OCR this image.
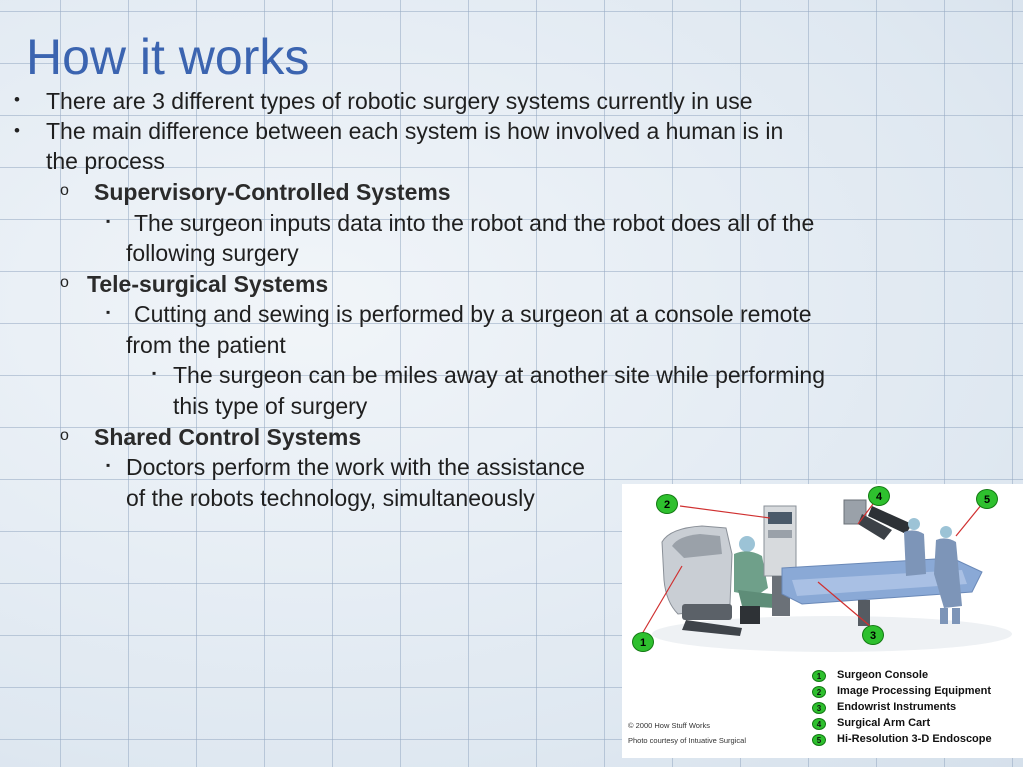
How it works
• There are 3 different types of robotic surgery systems currently in use
• The main difference between each system is how involved a human is in
the process
o Supervisory-Controlled Systems
▪ The surgeon inputs data into the robot and the robot does all of the
following surgery
o Tele-surgical Systems
▪ Cutting and sewing is performed by a surgeon at a console remote
from the patient
▪ The surgeon can be miles away at another site while performing
this type of surgery
o Shared Control Systems
▪ Doctors perform the work with the assistance
of the robots technology, simultaneously	2
4	5
1
3
1	Surgeon Console
2	Image Processing Equipment
3	Endowrist Instruments
4	Surgical Arm Cart
5	Hi-Resolution 3-D Endoscope
© 2000 How Stuff Works
Photo courtesy of Intuative Surgical
